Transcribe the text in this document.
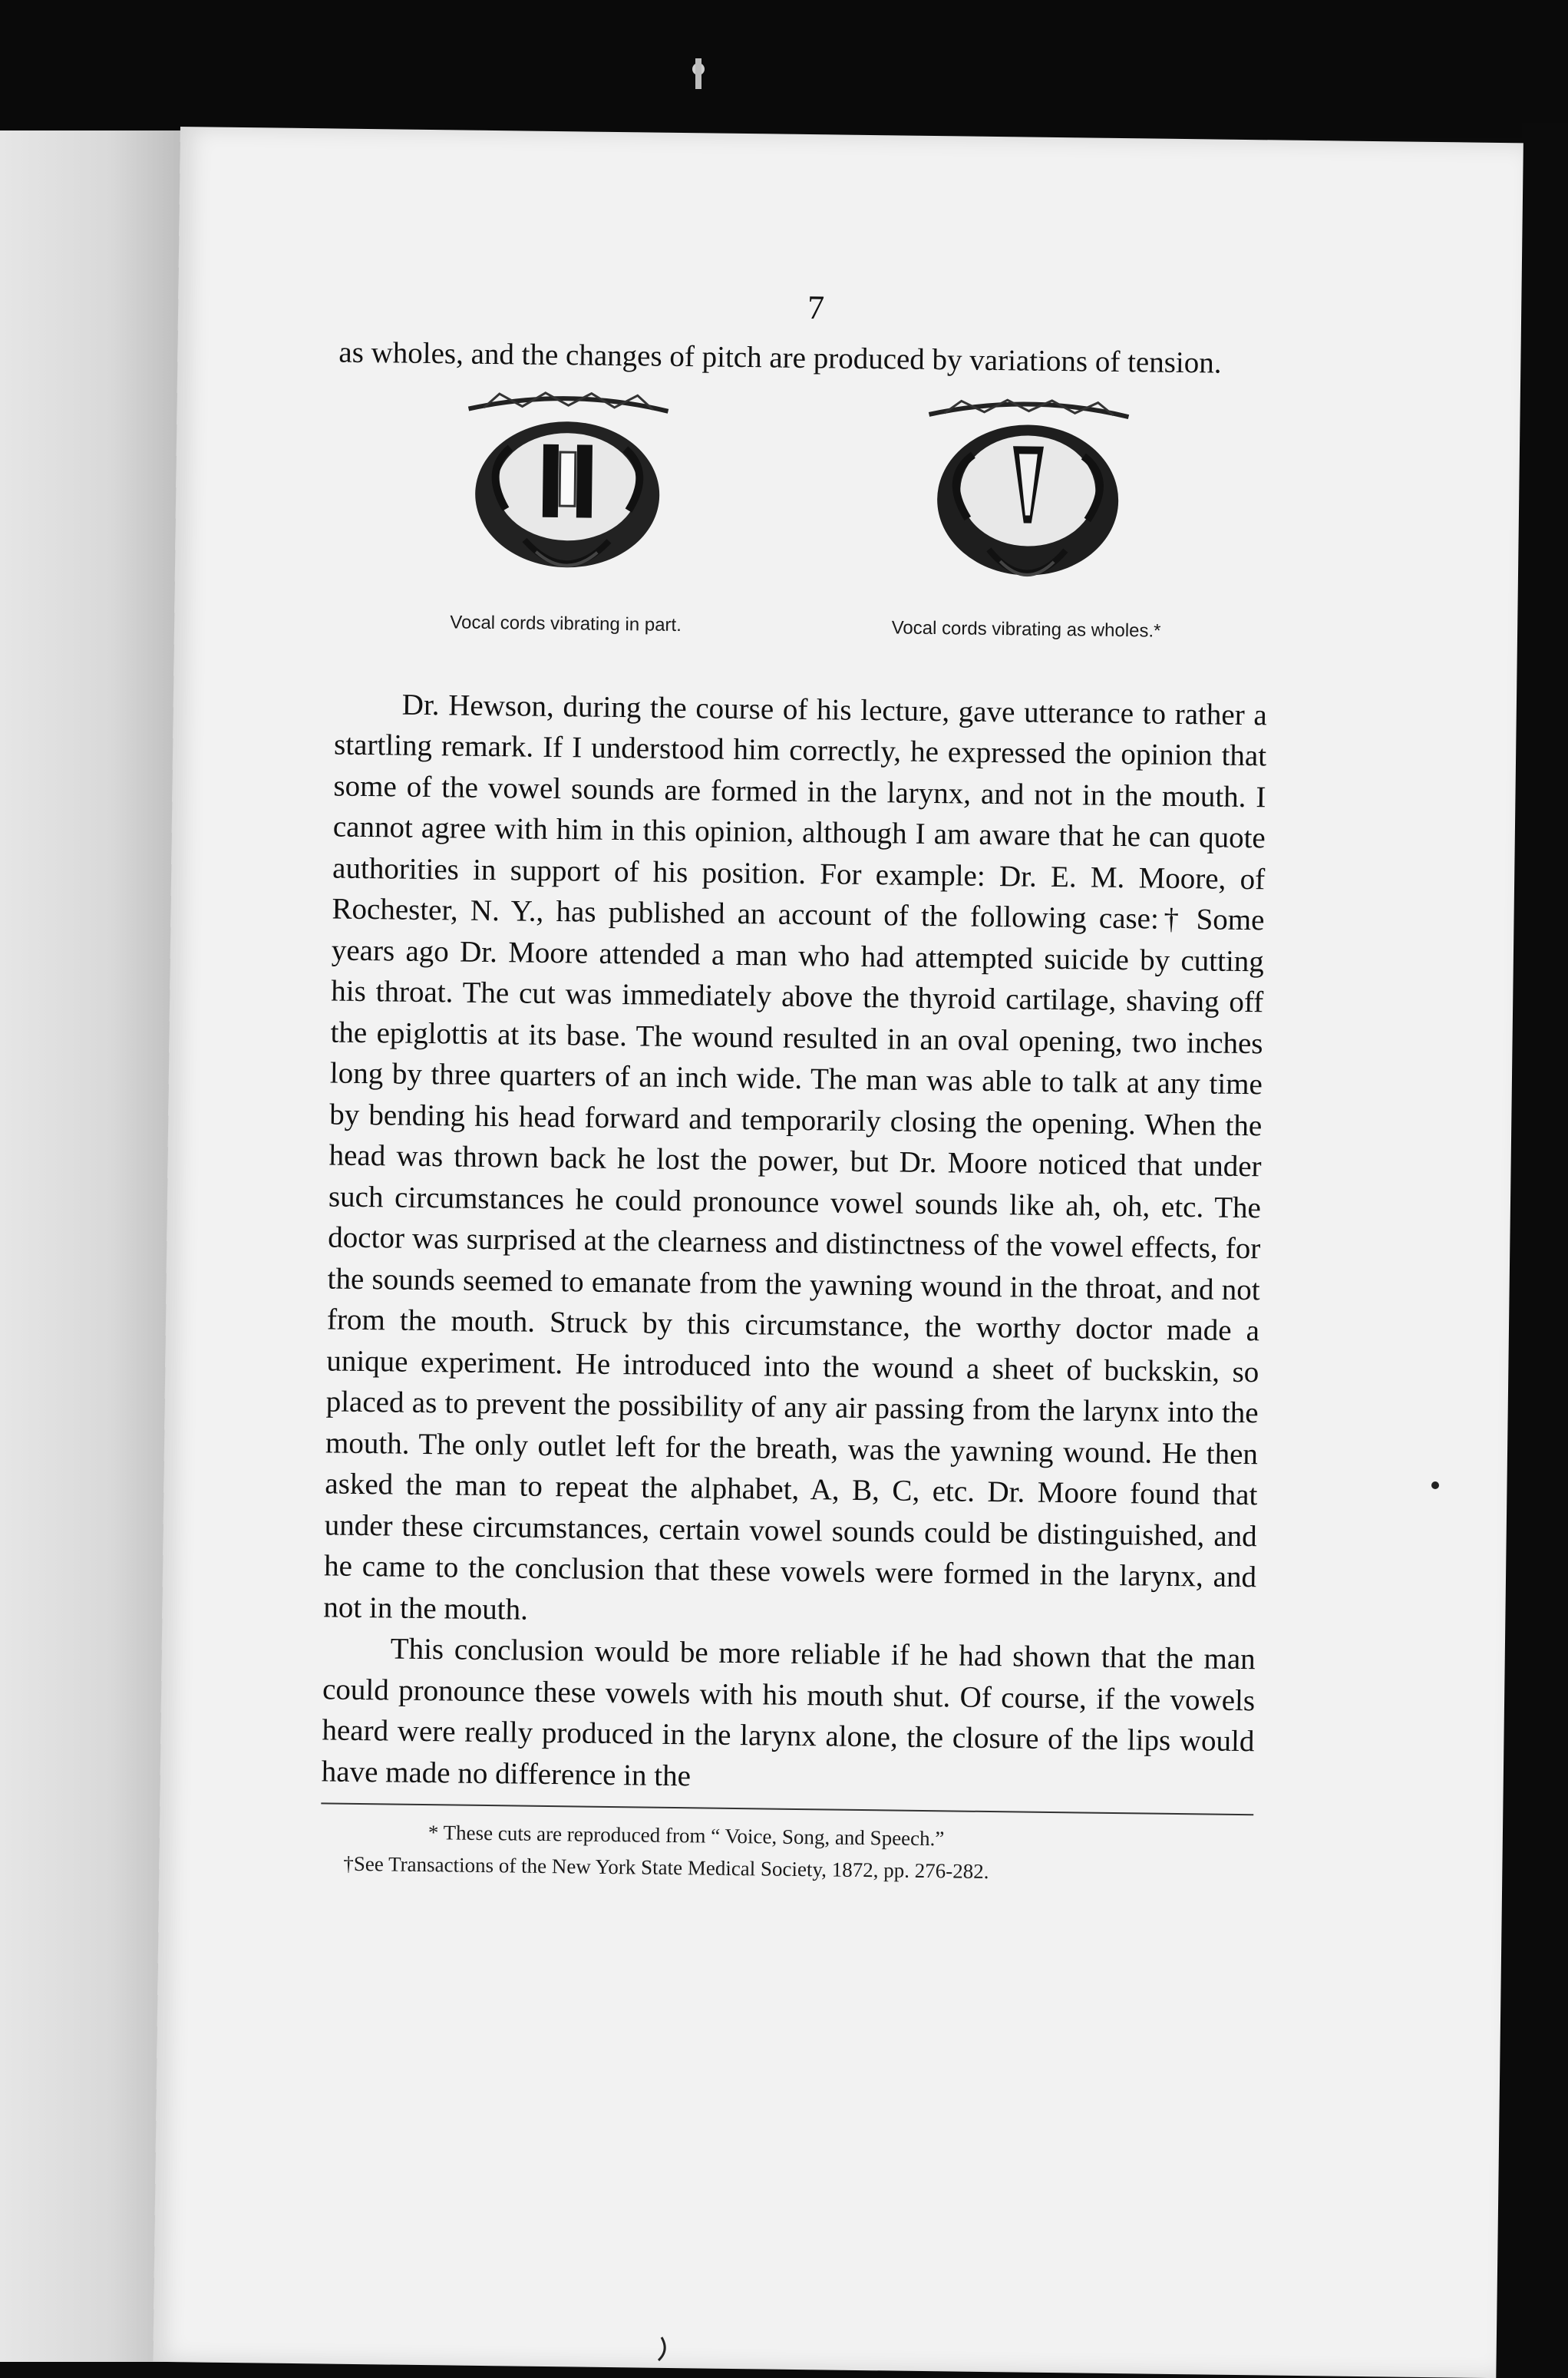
7

as wholes, and the changes of pitch are produced by variations of tension.

Vocal cords vibrating in part.	Vocal cords vibrating as wholes.*

Dr. Hewson, during the course of his lecture, gave utterance to rather a startling remark. If I understood him correctly, he expressed the opinion that some of the vowel sounds are formed in the larynx, and not in the mouth. I cannot agree with him in this opinion, although I am aware that he can quote authorities in support of his position. For example: Dr. E. M. Moore, of Rochester, N. Y., has published an account of the following case:† Some years ago Dr. Moore attended a man who had attempted suicide by cutting his throat. The cut was immediately above the thyroid cartilage, shaving off the epiglottis at its base. The wound resulted in an oval opening, two inches long by three quarters of an inch wide. The man was able to talk at any time by bending his head forward and temporarily closing the opening. When the head was thrown back he lost the power, but Dr. Moore noticed that under such circumstances he could pronounce vowel sounds like ah, oh, etc. The doctor was surprised at the clearness and distinctness of the vowel effects, for the sounds seemed to emanate from the yawning wound in the throat, and not from the mouth. Struck by this circumstance, the worthy doctor made a unique experiment. He introduced into the wound a sheet of buckskin, so placed as to prevent the possibility of any air passing from the larynx into the mouth. The only outlet left for the breath, was the yawning wound. He then asked the man to repeat the alphabet, A, B, C, etc. Dr. Moore found that under these circumstances, certain vowel sounds could be distinguished, and he came to the conclusion that these vowels were formed in the larynx, and not in the mouth.

This conclusion would be more reliable if he had shown that the man could pronounce these vowels with his mouth shut. Of course, if the vowels heard were really produced in the larynx alone, the closure of the lips would have made no difference in the

* These cuts are reproduced from “ Voice, Song, and Speech.”
†See Transactions of the New York State Medical Society, 1872, pp. 276-282.
